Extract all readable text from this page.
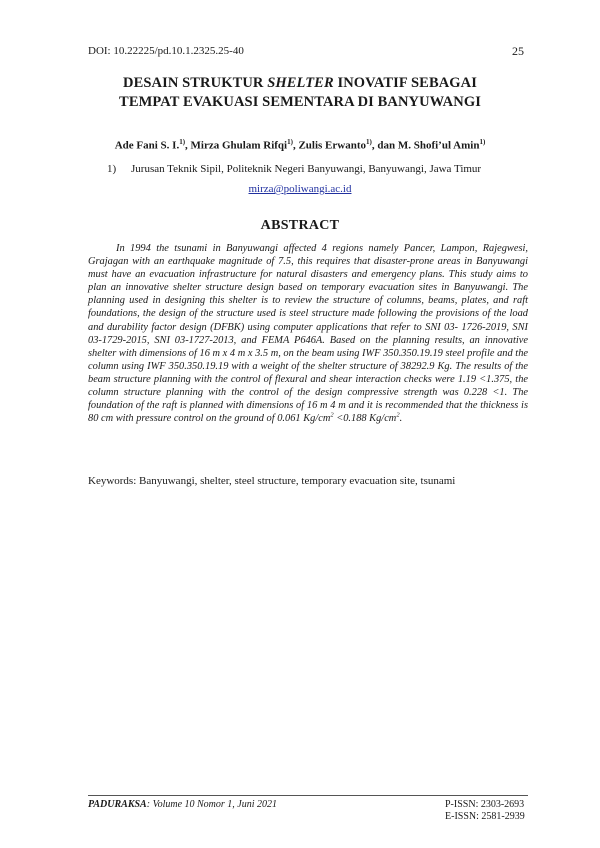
DOI: 10.22225/pd.10.1.2325.25-40	25
DESAIN STRUKTUR SHELTER INOVATIF SEBAGAI
TEMPAT EVAKUASI SEMENTARA DI BANYUWANGI
Ade Fani S. I.$^{1)}$, Mirza Ghulam Rifqi$^{1)}$, Zulis Erwanto$^{1)}$, dan M. Shofi’ul Amin$^{1)}$
1) Jurusan Teknik Sipil, Politeknik Negeri Banyuwangi, Banyuwangi, Jawa Timur
mirza@poliwangi.ac.id
ABSTRACT

In 1994 the tsunami in Banyuwangi affected 4 regions namely Pancer, Lampon, Rajegwesi, Grajagan with an earthquake magnitude of 7.5, this requires that disaster-prone areas in Banyuwangi must have an evacuation infrastructure for natural disasters and emergency plans. This study aims to plan an innovative shelter structure design based on temporary evacuation sites in Banyuwangi. The planning used in designing this shelter is to review the structure of columns, beams, plates, and raft foundations, the design of the structure used is steel structure made following the provisions of the load and durability factor design (DFBK) using computer applications that refer to SNI 03- 1726-2019, SNI 03-1729-2015, SNI 03-1727-2013, and FEMA P646A. Based on the planning results, an innovative shelter with dimensions of 16 m x 4 m x 3.5 m, on the beam using IWF 350.350.19.19 steel profile and the column using IWF 350.350.19.19 with a weight of the shelter structure of 38292.9 Kg. The results of the beam structure planning with the control of flexural and shear interaction checks were 1.19 <1.375, the column structure planning with the control of the design compressive strength was 0.228 <1. The foundation of the raft is planned with dimensions of 16 m 4 m and it is recommended that the thickness is 80 cm with pressure control on the ground of 0.061 $Kg/cm^2 <0.188$ $Kg/cm^2$.

Keywords: Banyuwangi, shelter, steel structure, temporary evacuation site, tsunami
PADURAKSA: Volume 10 Nomor 1, Juni 2021	P-ISSN: 2303-2693
E-ISSN: 2581-2939
